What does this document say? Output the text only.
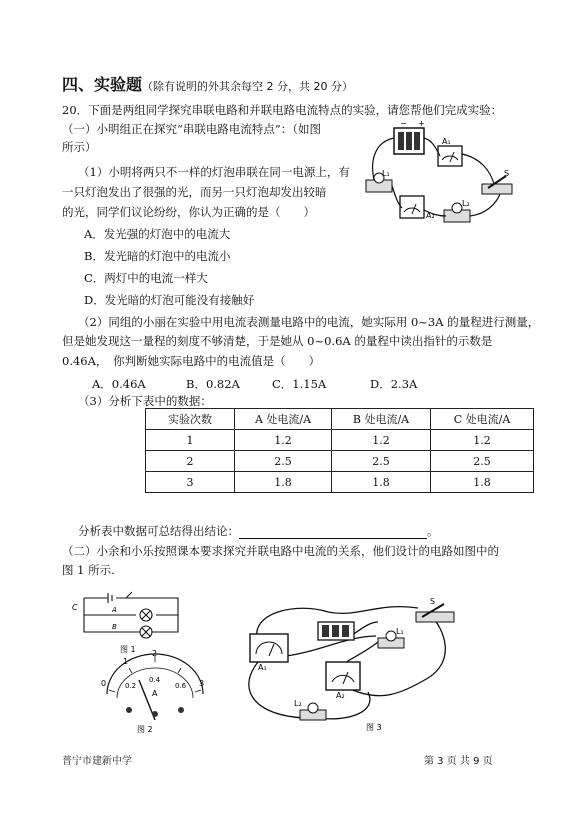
四、实验题（除有说明的外其余每空 2 分，共 20 分）
20．下面是两组同学探究串联电路和并联电路电流特点的实验，请您帮他们完成实验：
（一）小明组正在探究“串联电路电流特点”：（如图
所示）
（1）小明将两只不一样的灯泡串联在同一电源上，有
一只灯泡发出了很强的光，而另一只灯泡却发出较暗
的光，同学们议论纷纷，你认为正确的是（　　）
A．发光强的灯泡中的电流大
B．发光暗的灯泡中的电流小
C．两灯中的电流一样大
D．发光暗的灯泡可能没有接触好
（2）同组的小丽在实验中用电流表测量电路中的电流，她实际用 0~3A 的量程进行测量，
但是她发现这一量程的刻度不够清楚，于是她从 0~0.6A 的量程中读出指针的示数是
0.46A，　你判断她实际电路中的电流值是（　　）
A．0.46A	B．0.82A	C．1.15A	D．2.3A
（3）分析下表中的数据：
实验次数	A 处电流/A	B 处电流/A	C 处电流/A
1	1.2	1.2	1.2
2	2.5	2.5	2.5
3	1.8	1.8	1.8
分析表中数据可总结得出结论：	。
（二）小余和小乐按照课本要求探究并联电路中电流的关系，他们设计的电路如图中的
图 1 所示.
− +
A₁
L₁	S
A₂
L₂
C	A
B
图 1
0
1
2
3
0.2
0.4
0.6
A
图 2
A₁
S
L₁
A₂
L₂
图 3
普宁市建新中学	第 3 页 共 9 页
